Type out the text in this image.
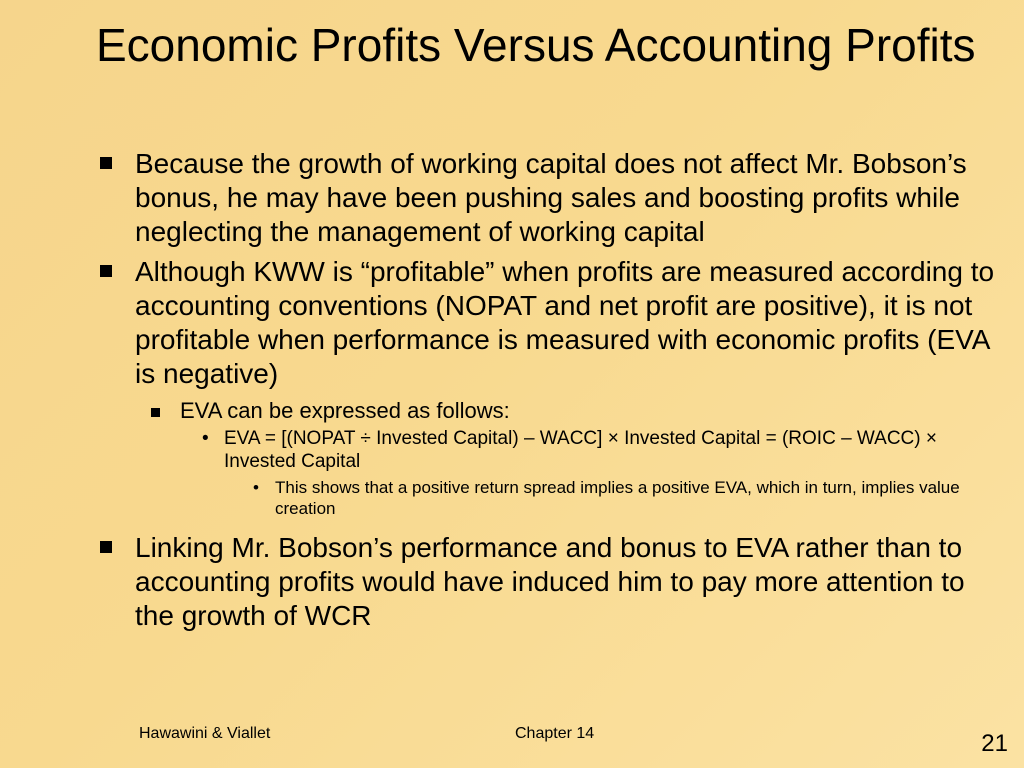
Economic Profits Versus Accounting Profits
Because the growth of working capital does not affect Mr. Bobson’s bonus, he may have been pushing sales and boosting profits while neglecting the management of working capital
Although KWW is “profitable” when profits are measured according to accounting conventions (NOPAT and net profit are positive), it is not profitable when performance is measured with economic profits (EVA is negative)
EVA can be expressed as follows:
• EVA = [(NOPAT ÷ Invested Capital) – WACC] × Invested Capital = (ROIC – WACC) × Invested Capital
• This shows that a positive return spread implies a positive EVA, which in turn, implies value creation
Linking Mr. Bobson’s performance and bonus to EVA rather than to accounting profits would have induced him to pay more attention to the growth of WCR
Hawawini & Viallet	Chapter 14	21
